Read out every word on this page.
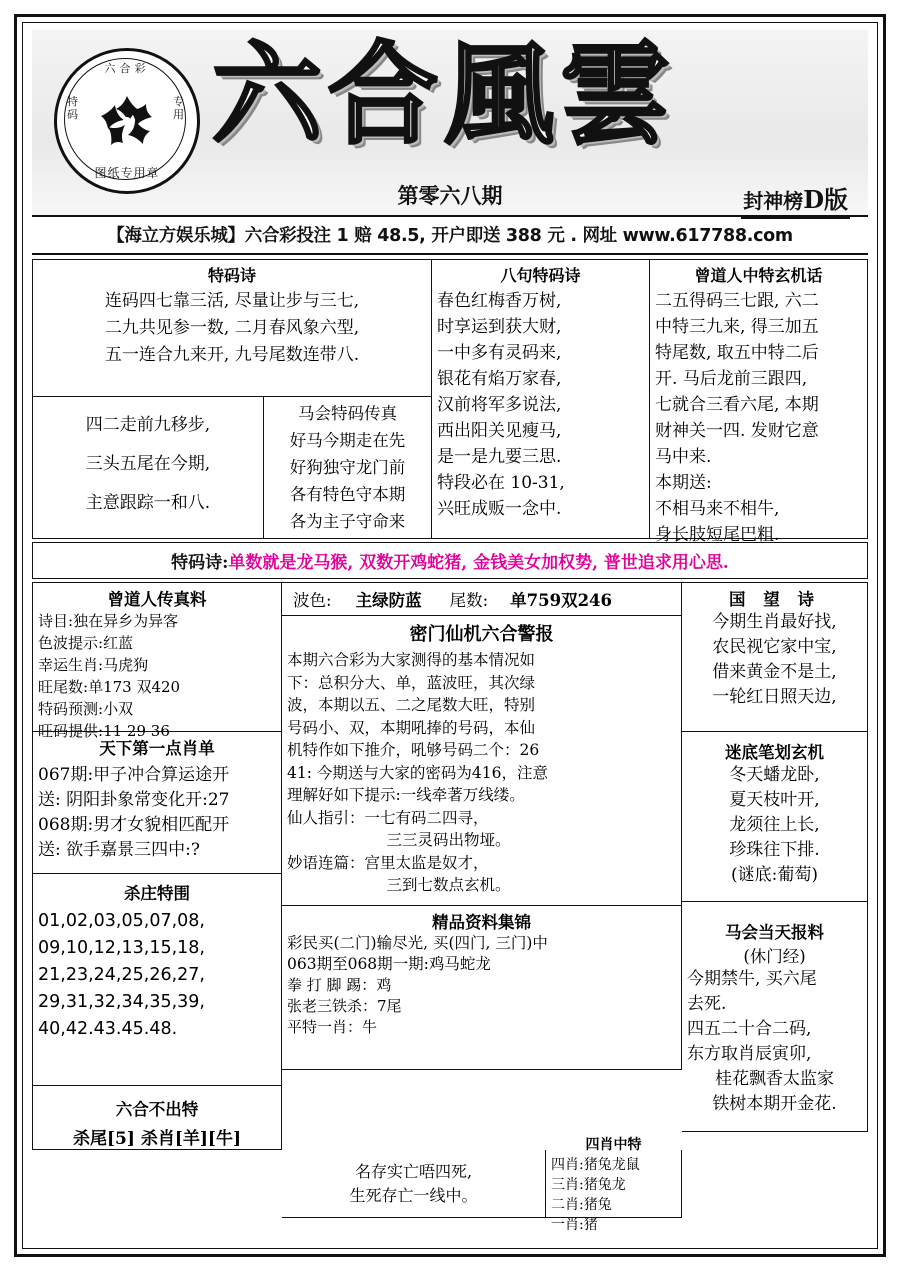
六合彩
特码
专用
图纸专用章
六合風雲
第零六八期	封神榜D版
【海立方娱乐城】六合彩投注 1 赔 48.5, 开户即送 388 元 . 网址 www.617788.com
特码诗
连码四七靠三活, 尽量让步与三七,
二九共见参一数, 二月春风象六型,
五一连合九来开, 九号尾数连带八.
四二走前九移步,
三头五尾在今期,
主意跟踪一和八.
马会特码传真
好马今期走在先
好狗独守龙门前
各有特色守本期
各为主子守命来
八句特码诗
春色红梅香万树,
时享运到获大财,
一中多有灵码来,
银花有焰万家春,
汉前将军多说法,
西出阳关见瘦马,
是一是九要三思.
特段必在 10-31,
兴旺成贩一念中.
曾道人中特玄机话
二五得码三七跟, 六二
中特三九来, 得三加五
特尾数, 取五中特二后
开. 马后龙前三跟四,
七就合三看六尾, 本期
财神关一四. 发财它意
马中来.
本期送:
不相马来不相牛,
身长肢短尾巴粗.
特码诗:单数就是龙马猴, 双数开鸡蛇猪, 金钱美女加权势, 普世追求用心思.
曾道人传真料
诗目:独在异乡为异客
色波提示:红蓝
幸运生肖:马虎狗
旺尾数:单173 双420
特码预测:小双
旺码提供:11 29 36
天下第一点肖单
067期:甲子冲合算运途开
送: 阴阳卦象常变化开:27
068期:男才女貌相匹配开
送: 欲手嘉景三四中:?
杀庄特围
01,02,03,05,07,08,
09,10,12,13,15,18,
21,23,24,25,26,27,
29,31,32,34,35,39,
40,42.43.45.48.
六合不出特
杀尾[5] 杀肖[羊][牛]
波色: 主绿防蓝 尾数: 单759双246
密门仙机六合警报
本期六合彩为大家测得的基本情况如
下：总积分大、单，蓝波旺，其次绿
波，本期以五、二之尾数大旺，特别
号码小、双，本期吼捧的号码，本仙
机特作如下推介，吼够号码二个：26
41: 今期送与大家的密码为416，注意
理解好如下提示:一线牵著万线缕。
仙人指引： 一七有码二四寻，
三三灵码出物垭。
妙语连篇： 宫里太监是奴才，
三到七数点玄机。
精品资料集锦
彩民买(二门)输尽光, 买(四门, 三门)中
063期至068期一期:鸡马蛇龙
拳 打 脚 踢：鸡
张老三铁杀：7尾
平特一肖：牛
国 望 诗
今期生肖最好找,
农民视它家中宝,
借来黄金不是土,
一轮红日照天边,
迷底笔划玄机
冬天蟠龙卧,
夏天枝叶开,
龙须往上长,
珍珠往下排.
(谜底:葡萄)
马会当天报料
(休门经)
今期禁牛, 买六尾
去死.
四五二十合二码,
东方取肖辰寅卯,
桂花飘香太监家
铁树本期开金花.
名存实亡唔四死,
生死存亡一线中。
四肖中特
四肖:猪兔龙鼠
三肖:猪兔龙
二肖:猪兔
一肖:猪
